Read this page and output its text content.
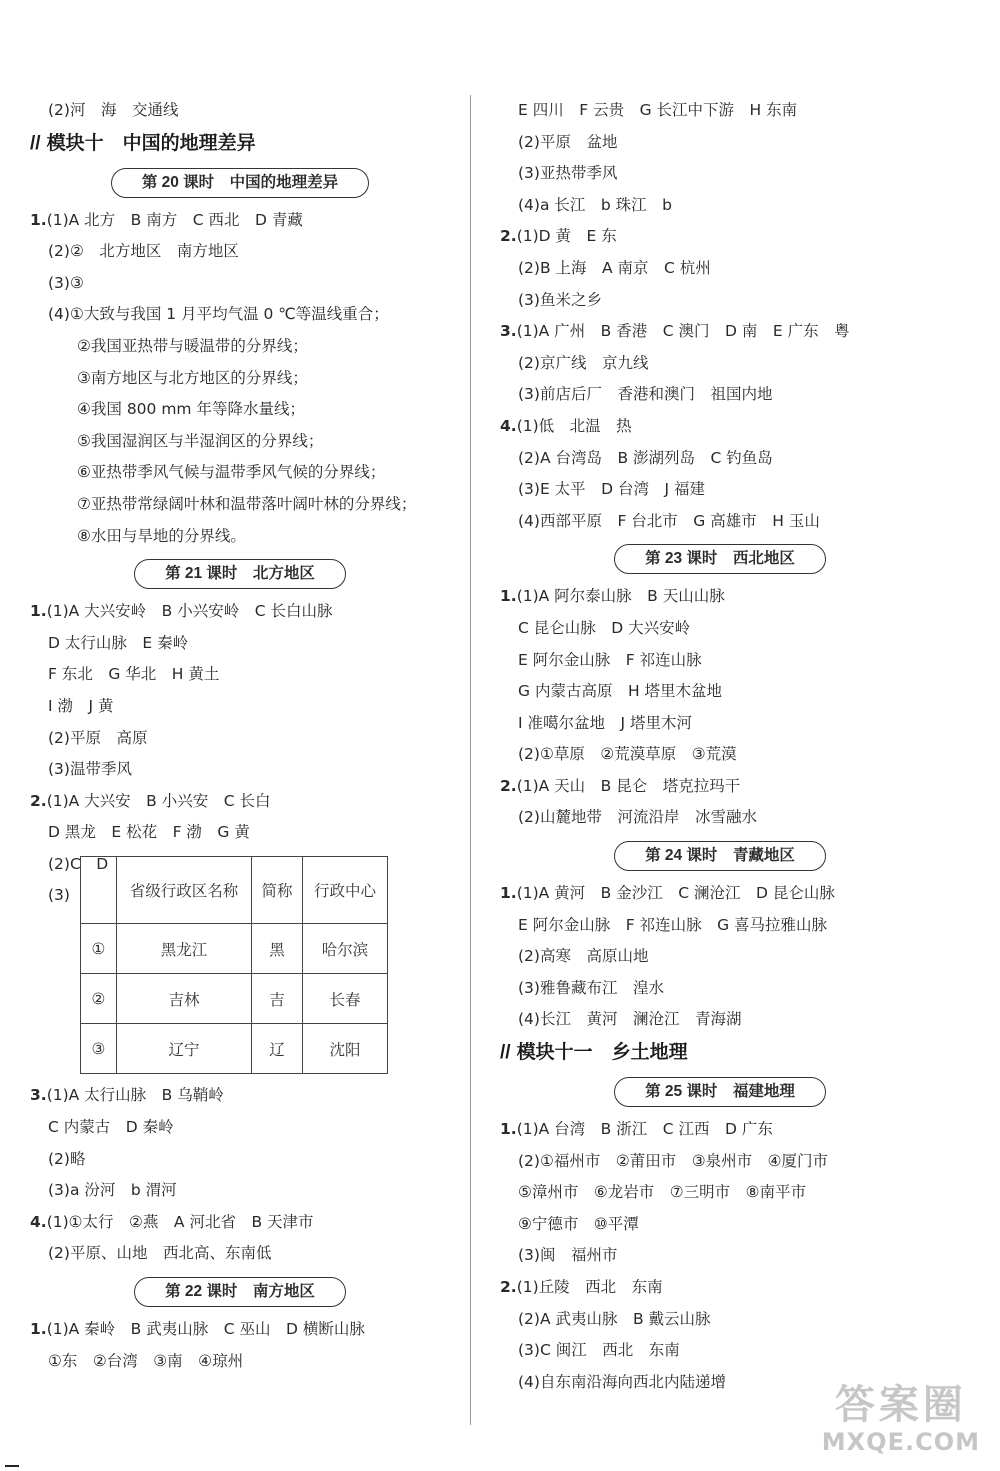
(2)河　海　交通线
// 模块十　中国的地理差异
第 20 课时　中国的地理差异
1.(1)A 北方　B 南方　C 西北　D 青藏
(2)②　北方地区　南方地区
(3)③
(4)①大致与我国 1 月平均气温 0 ℃等温线重合；
②我国亚热带与暖温带的分界线；
③南方地区与北方地区的分界线；
④我国 800 mm 年等降水量线；
⑤我国湿润区与半湿润区的分界线；
⑥亚热带季风气候与温带季风气候的分界线；
⑦亚热带常绿阔叶林和温带落叶阔叶林的分界线；
⑧水田与旱地的分界线。
第 21 课时　北方地区
1.(1)A 大兴安岭　B 小兴安岭　C 长白山脉
D 太行山脉　E 秦岭
F 东北　G 华北　H 黄土
I 渤　J 黄
(2)平原　高原
(3)温带季风
2.(1)A 大兴安　B 小兴安　C 长白
D 黑龙　E 松花　F 渤　G 黄
(2)C　D
(3)
		省级行政区名称	简称	行政中心
①	黑龙江	黑	哈尔滨
②	吉林	吉	长春
③	辽宁	辽	沈阳
3.(1)A 太行山脉　B 乌鞘岭
C 内蒙古　D 秦岭
(2)略
(3)a 汾河　b 渭河
4.(1)①太行　②燕　A 河北省　B 天津市
(2)平原、山地　西北高、东南低
第 22 课时　南方地区
1.(1)A 秦岭　B 武夷山脉　C 巫山　D 横断山脉
①东　②台湾　③南　④琼州
E 四川　F 云贵　G 长江中下游　H 东南
(2)平原　盆地
(3)亚热带季风
(4)a 长江　b 珠江　b
2.(1)D 黄　E 东
(2)B 上海　A 南京　C 杭州
(3)鱼米之乡
3.(1)A 广州　B 香港　C 澳门　D 南　E 广东　粤
(2)京广线　京九线
(3)前店后厂　香港和澳门　祖国内地
4.(1)低　北温　热
(2)A 台湾岛　B 澎湖列岛　C 钓鱼岛
(3)E 太平　D 台湾　J 福建
(4)西部平原　F 台北市　G 高雄市　H 玉山
第 23 课时　西北地区
1.(1)A 阿尔泰山脉　B 天山山脉
C 昆仑山脉　D 大兴安岭
E 阿尔金山脉　F 祁连山脉
G 内蒙古高原　H 塔里木盆地
I 准噶尔盆地　J 塔里木河
(2)①草原　②荒漠草原　③荒漠
2.(1)A 天山　B 昆仑　塔克拉玛干
(2)山麓地带　河流沿岸　冰雪融水
第 24 课时　青藏地区
1.(1)A 黄河　B 金沙江　C 澜沧江　D 昆仑山脉
E 阿尔金山脉　F 祁连山脉　G 喜马拉雅山脉
(2)高寒　高原山地
(3)雅鲁藏布江　湟水
(4)长江　黄河　澜沧江　青海湖
// 模块十一　乡土地理
第 25 课时　福建地理
1.(1)A 台湾　B 浙江　C 江西　D 广东
(2)①福州市　②莆田市　③泉州市　④厦门市
⑤漳州市　⑥龙岩市　⑦三明市　⑧南平市
⑨宁德市　⑩平潭
(3)闽　福州市
2.(1)丘陵　西北　东南
(2)A 武夷山脉　B 戴云山脉
(3)C 闽江　西北　东南
(4)自东南沿海向西北内陆递增
答案圈
MXQE.COM
